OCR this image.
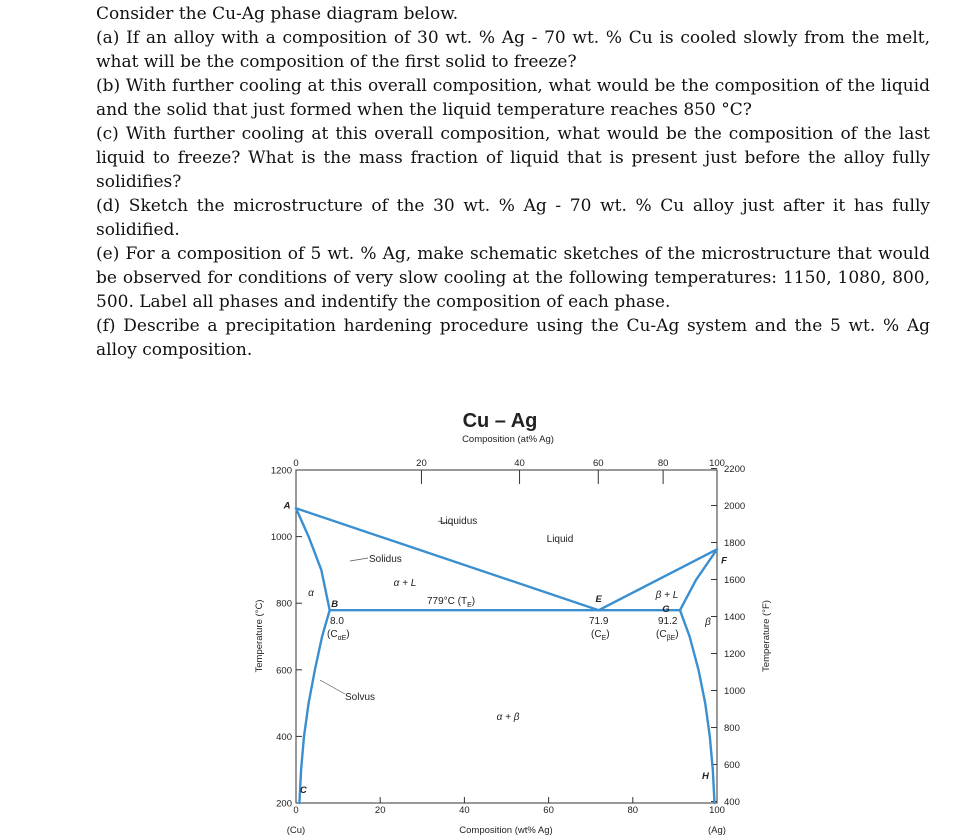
Consider the Cu-Ag phase diagram below.

(a) If an alloy with a composition of 30 wt. % Ag - 70 wt. % Cu is cooled slowly from the melt, what will be the composition of the first solid to freeze?

(b) With further cooling at this overall composition, what would be the composition of the liquid and the solid that just formed when the liquid temperature reaches 850 °C?

(c) With further cooling at this overall composition, what would be the composition of the last liquid to freeze? What is the mass fraction of liquid that is present just before the alloy fully solidifies?

(d) Sketch the microstructure of the 30 wt. % Ag - 70 wt. % Cu alloy just after it has fully solidified.

(e) For a composition of 5 wt. % Ag, make schematic sketches of the microstructure that would be observed for conditions of very slow cooling at the following temperatures: 1150, 1080, 800, 500. Label all phases and indentify the composition of each phase.

(f) Describe a precipitation hardening procedure using the Cu-Ag system and the 5 wt. % Ag alloy composition.

Cu – Ag
Composition (at% Ag)
0	20	40	60	80	100
0	20	40	60	80	100
200
400
600
800
1000
1200
400
600
800
1000
1200
1400
1600
1800
2000
2200
A
B
C
E
F
G
H
Temperature (°C)	Temperature (°F)
Composition (wt% Ag)
(Cu)	(Ag)
Liquid
α
β
α + L
β + L
α + β
Liquidus
Solidus
Solvus
779°C $(T_E)$
8.0
$(C_{\alpha E})$
71.9
$(C_E)$
91.2
$(C_{\beta E})$
